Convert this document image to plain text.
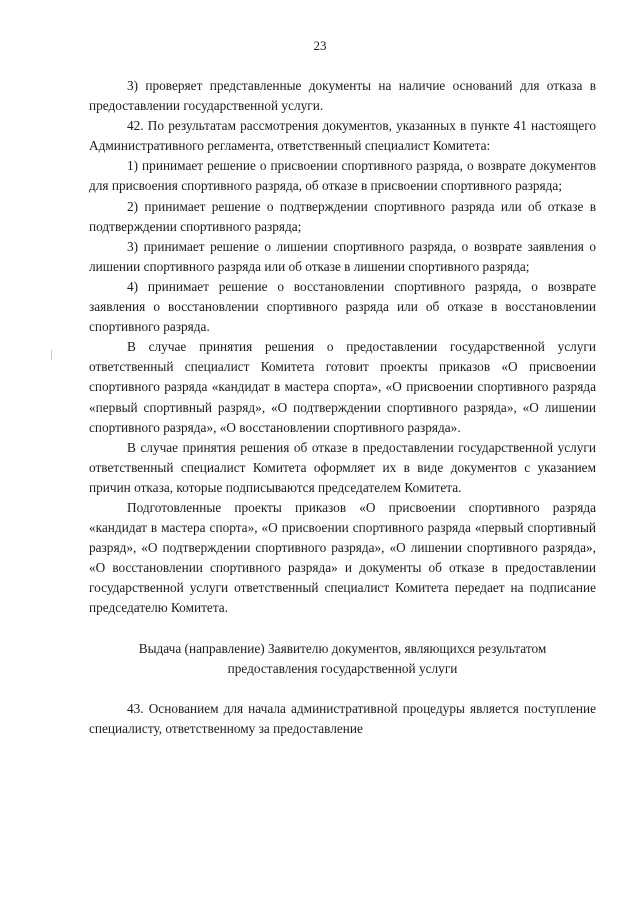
23

3) проверяет представленные документы на наличие оснований для отказа в предоставлении государственной услуги.

42. По результатам рассмотрения документов, указанных в пункте 41 настоящего Административного регламента, ответственный специалист Комитета:

1) принимает решение о присвоении спортивного разряда, о возврате документов для присвоения спортивного разряда, об отказе в присвоении спортивного разряда;

2) принимает решение о подтверждении спортивного разряда или об отказе в подтверждении спортивного разряда;

3) принимает решение о лишении спортивного разряда, о возврате заявления о лишении спортивного разряда или об отказе в лишении спортивного разряда;

4) принимает решение о восстановлении спортивного разряда, о возврате заявления о восстановлении спортивного разряда или об отказе в восстановлении спортивного разряда.

В случае принятия решения о предоставлении государственной услуги ответственный специалист Комитета готовит проекты приказов «О присвоении спортивного разряда «кандидат в мастера спорта», «О присвоении спортивного разряда «первый спортивный разряд», «О подтверждении спортивного разряда», «О лишении спортивного разряда», «О восстановлении спортивного разряда».

В случае принятия решения об отказе в предоставлении государственной услуги ответственный специалист Комитета оформляет их в виде документов с указанием причин отказа, которые подписываются председателем Комитета.

Подготовленные проекты приказов «О присвоении спортивного разряда «кандидат в мастера спорта», «О присвоении спортивного разряда «первый спортивный разряд», «О подтверждении спортивного разряда», «О лишении спортивного разряда», «О восстановлении спортивного разряда» и документы об отказе в предоставлении государственной услуги ответственный специалист Комитета передает на подписание председателю Комитета.

Выдача (направление) Заявителю документов, являющихся результатом предоставления государственной услуги

43. Основанием для начала административной процедуры является поступление специалисту, ответственному за предоставление
